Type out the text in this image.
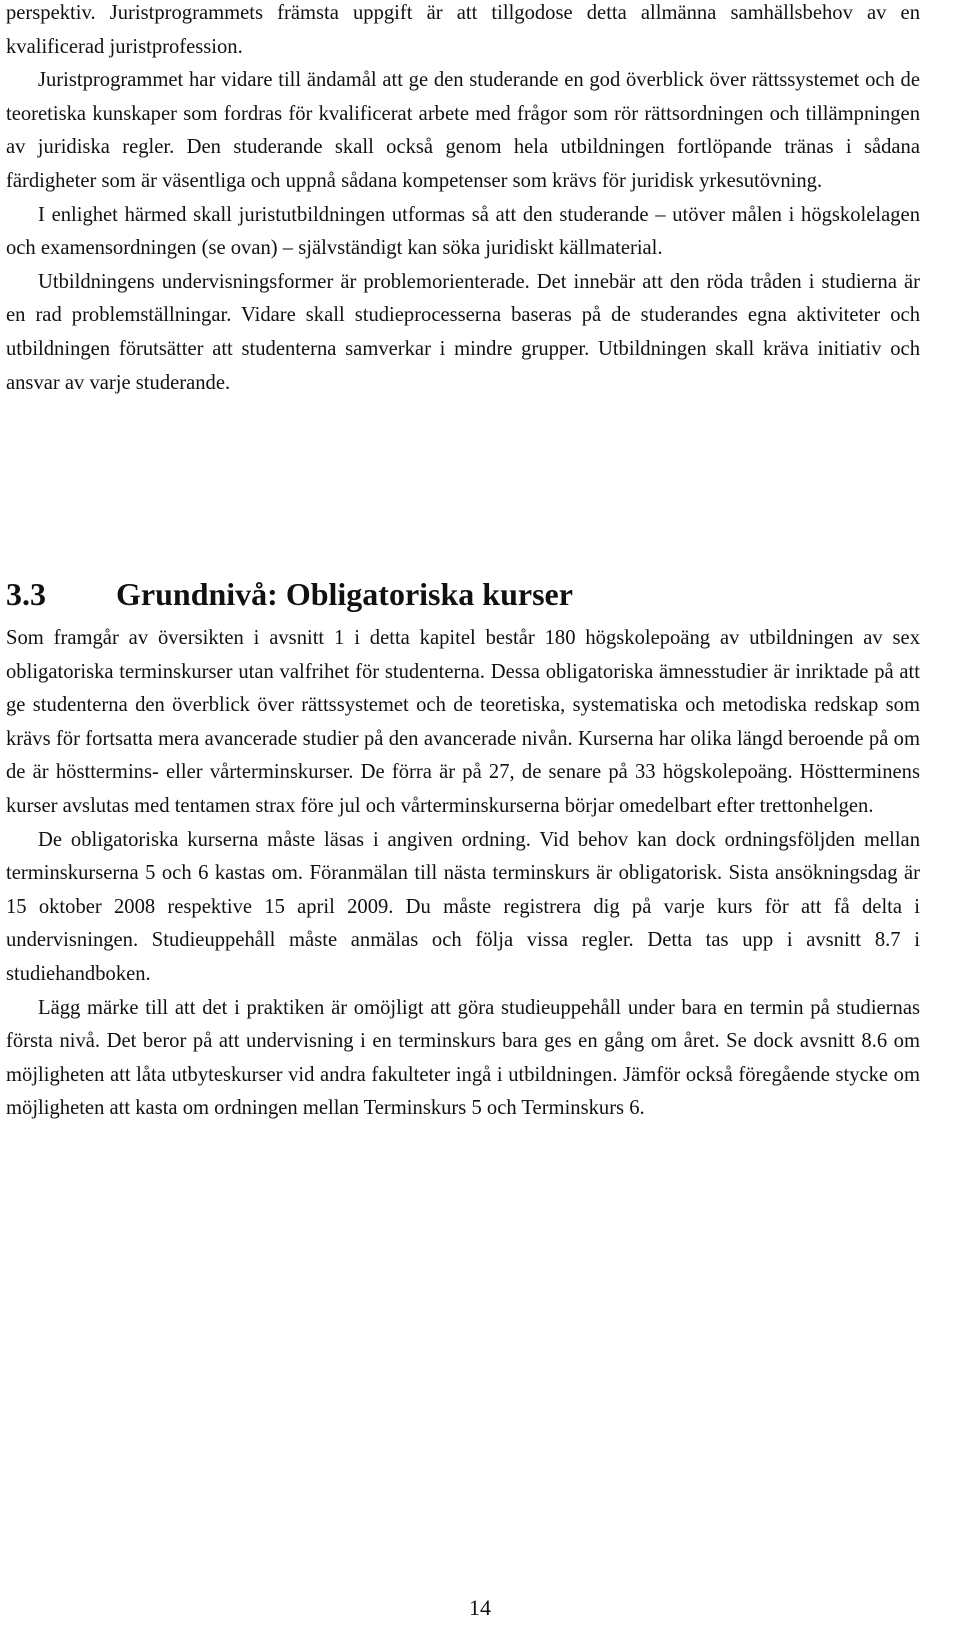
perspektiv. Juristprogrammets främsta uppgift är att tillgodose detta allmänna samhällsbehov av en kvalificerad juristprofession.

Juristprogrammet har vidare till ändamål att ge den studerande en god överblick över rättssystemet och de teoretiska kunskaper som fordras för kvalificerat arbete med frågor som rör rättsordningen och tillämpningen av juridiska regler. Den studerande skall också genom hela utbildningen fortlöpande tränas i sådana färdigheter som är väsentliga och uppnå sådana kompetenser som krävs för juridisk yrkesutövning.

I enlighet härmed skall juristutbildningen utformas så att den studerande – utöver målen i högskolelagen och examensordningen (se ovan) – självständigt kan söka juridiskt källmaterial.

Utbildningens undervisningsformer är problemorienterade. Det innebär att den röda tråden i studierna är en rad problemställningar. Vidare skall studieprocesserna baseras på de studerandes egna aktiviteter och utbildningen förutsätter att studenterna samverkar i mindre grupper. Utbildningen skall kräva initiativ och ansvar av varje studerande.

3.3 Grundnivå: Obligatoriska kurser

Som framgår av översikten i avsnitt 1 i detta kapitel består 180 högskolepoäng av utbildningen av sex obligatoriska terminskurser utan valfrihet för studenterna. Dessa obligatoriska ämnesstudier är inriktade på att ge studenterna den överblick över rättssystemet och de teoretiska, systematiska och metodiska redskap som krävs för fortsatta mera avancerade studier på den avancerade nivån. Kurserna har olika längd beroende på om de är hösttermins- eller vårterminskurser. De förra är på 27, de senare på 33 högskolepoäng. Höstterminens kurser avslutas med tentamen strax före jul och vårterminskurserna börjar omedelbart efter trettonhelgen.

De obligatoriska kurserna måste läsas i angiven ordning. Vid behov kan dock ordningsföljden mellan terminskurserna 5 och 6 kastas om. Föranmälan till nästa terminskurs är obligatorisk. Sista ansökningsdag är 15 oktober 2008 respektive 15 april 2009. Du måste registrera dig på varje kurs för att få delta i undervisningen. Studieuppehåll måste anmälas och följa vissa regler. Detta tas upp i avsnitt 8.7 i studiehandboken.

Lägg märke till att det i praktiken är omöjligt att göra studieuppehåll under bara en termin på studiernas första nivå. Det beror på att undervisning i en terminskurs bara ges en gång om året. Se dock avsnitt 8.6 om möjligheten att låta utbyteskurser vid andra fakulteter ingå i utbildningen. Jämför också föregående stycke om möjligheten att kasta om ordningen mellan Terminskurs 5 och Terminskurs 6.

14
